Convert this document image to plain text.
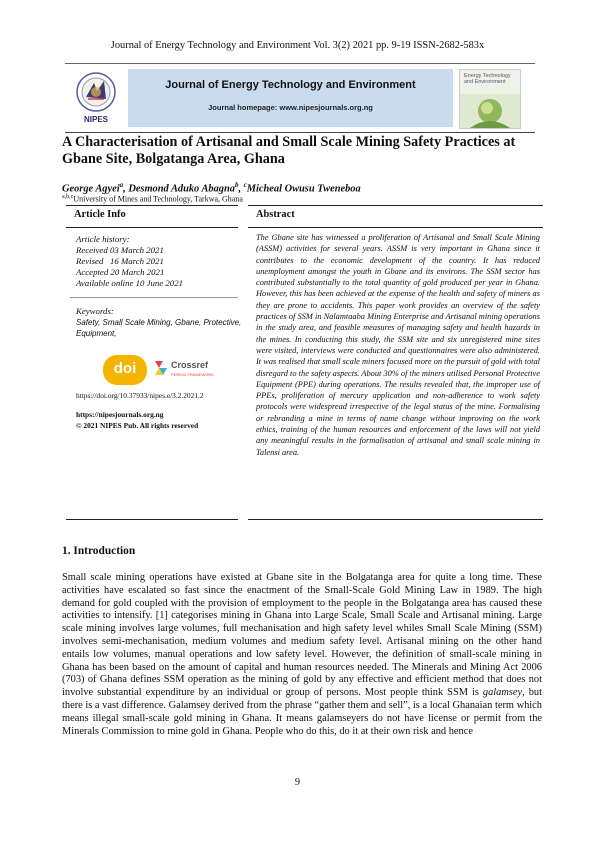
Journal of Energy Technology and Environment Vol. 3(2) 2021 pp. 9-19 ISSN-2682-583x
NIPES
Journal of Energy Technology and Environment
Journal homepage: www.nipesjournals.org.ng
Energy Technology and Environment
A Characterisation of Artisanal and Small Scale Mining Safety Practices at Gbane Site, Bolgatanga Area, Ghana
George Agyei$^a$, Desmond Aduko Abagna$^b$, $^c$Micheal Owusu Tweneboa
$^{a,b,c}$University of Mines and Technology, Tarkwa, Ghana
Article Info	Abstract
Article history:
Received 03 March 2021
Revised   16 March 2021
Accepted 20 March 2021
Available online 10 June 2021
Keywords:
Safety, Small Scale Mining, Gbane, Protective, Equipment,
doi	Crossref
PERIOD FRAMEWORK
https://doi.org/10.37933/nipes.e/3.2.2021.2
https://nipesjournals.org.ng
© 2021 NIPES Pub. All rights reserved
The Gbane site has witnessed a proliferation of Artisanal and Small Scale Mining (ASSM) activities for several years. ASSM is very important in Ghana since it contributes to the economic development of the country. It has reduced unemployment amongst the youth in Gbane and its environs. The SSM sector has contributed substantially to the total quantity of gold produced per year in Ghana. However, this has been achieved at the expense of the health and safety of miners as they are prone to accidents. This paper work provides an overview of the safety practices of SSM in Nalamtaaba Mining Enterprise and Artisanal mining operations in the study area, and feasible measures of managing safety and health hazards in the mines. In conducting this study, the SSM site and six unregistered mine sites were visited, interviews were conducted and questionnaires were also administered. It was realised that small scale miners focused more on the pursuit of gold with total disregard to the safety aspects. About 30% of the miners utilised Personal Protective Equipment (PPE) during operations. The results revealed that, the improper use of PPEs, proliferation of mercury application and non-adherence to work safety protocols were widespread irrespective of the legal status of the mine. Formalising or rebranding a mine in terms of name change without improving on the work ethics, training of the human resources and enforcement of the laws will not yield any meaningful results in the formalisation of artisanal and small scale mining in Talensi area.
1. Introduction
Small scale mining operations have existed at Gbane site in the Bolgatanga area for quite a long time. These activities have escalated so fast since the enactment of the Small-Scale Gold Mining Law in 1989. The high demand for gold coupled with the provision of employment to the people in the Bolgatanga area has caused these activities to intensify. [1] categorises mining in Ghana into Large Scale, Small Scale and Artisanal mining. Large scale mining involves large volumes, full mechanisation and high safety level whiles Small Scale Mining (SSM) involves semi-mechanisation, medium volumes and medium safety level. Artisanal mining on the other hand entails low volumes, manual operations and low safety level. However, the definition of small-scale mining in Ghana has been based on the amount of capital and human resources needed. The Minerals and Mining Act 2006 (703) of Ghana defines SSM operation as the mining of gold by any effective and efficient method that does not involve substantial expenditure by an individual or group of persons. Most people think SSM is galamsey, but there is a vast difference. Galamsey derived from the phrase “gather them and sell”, is a local Ghanaian term which means illegal small-scale gold mining in Ghana. It means galamseyers do not have license or permit from the Minerals Commission to mine gold in Ghana. People who do this, do it at their own risk and hence
9
